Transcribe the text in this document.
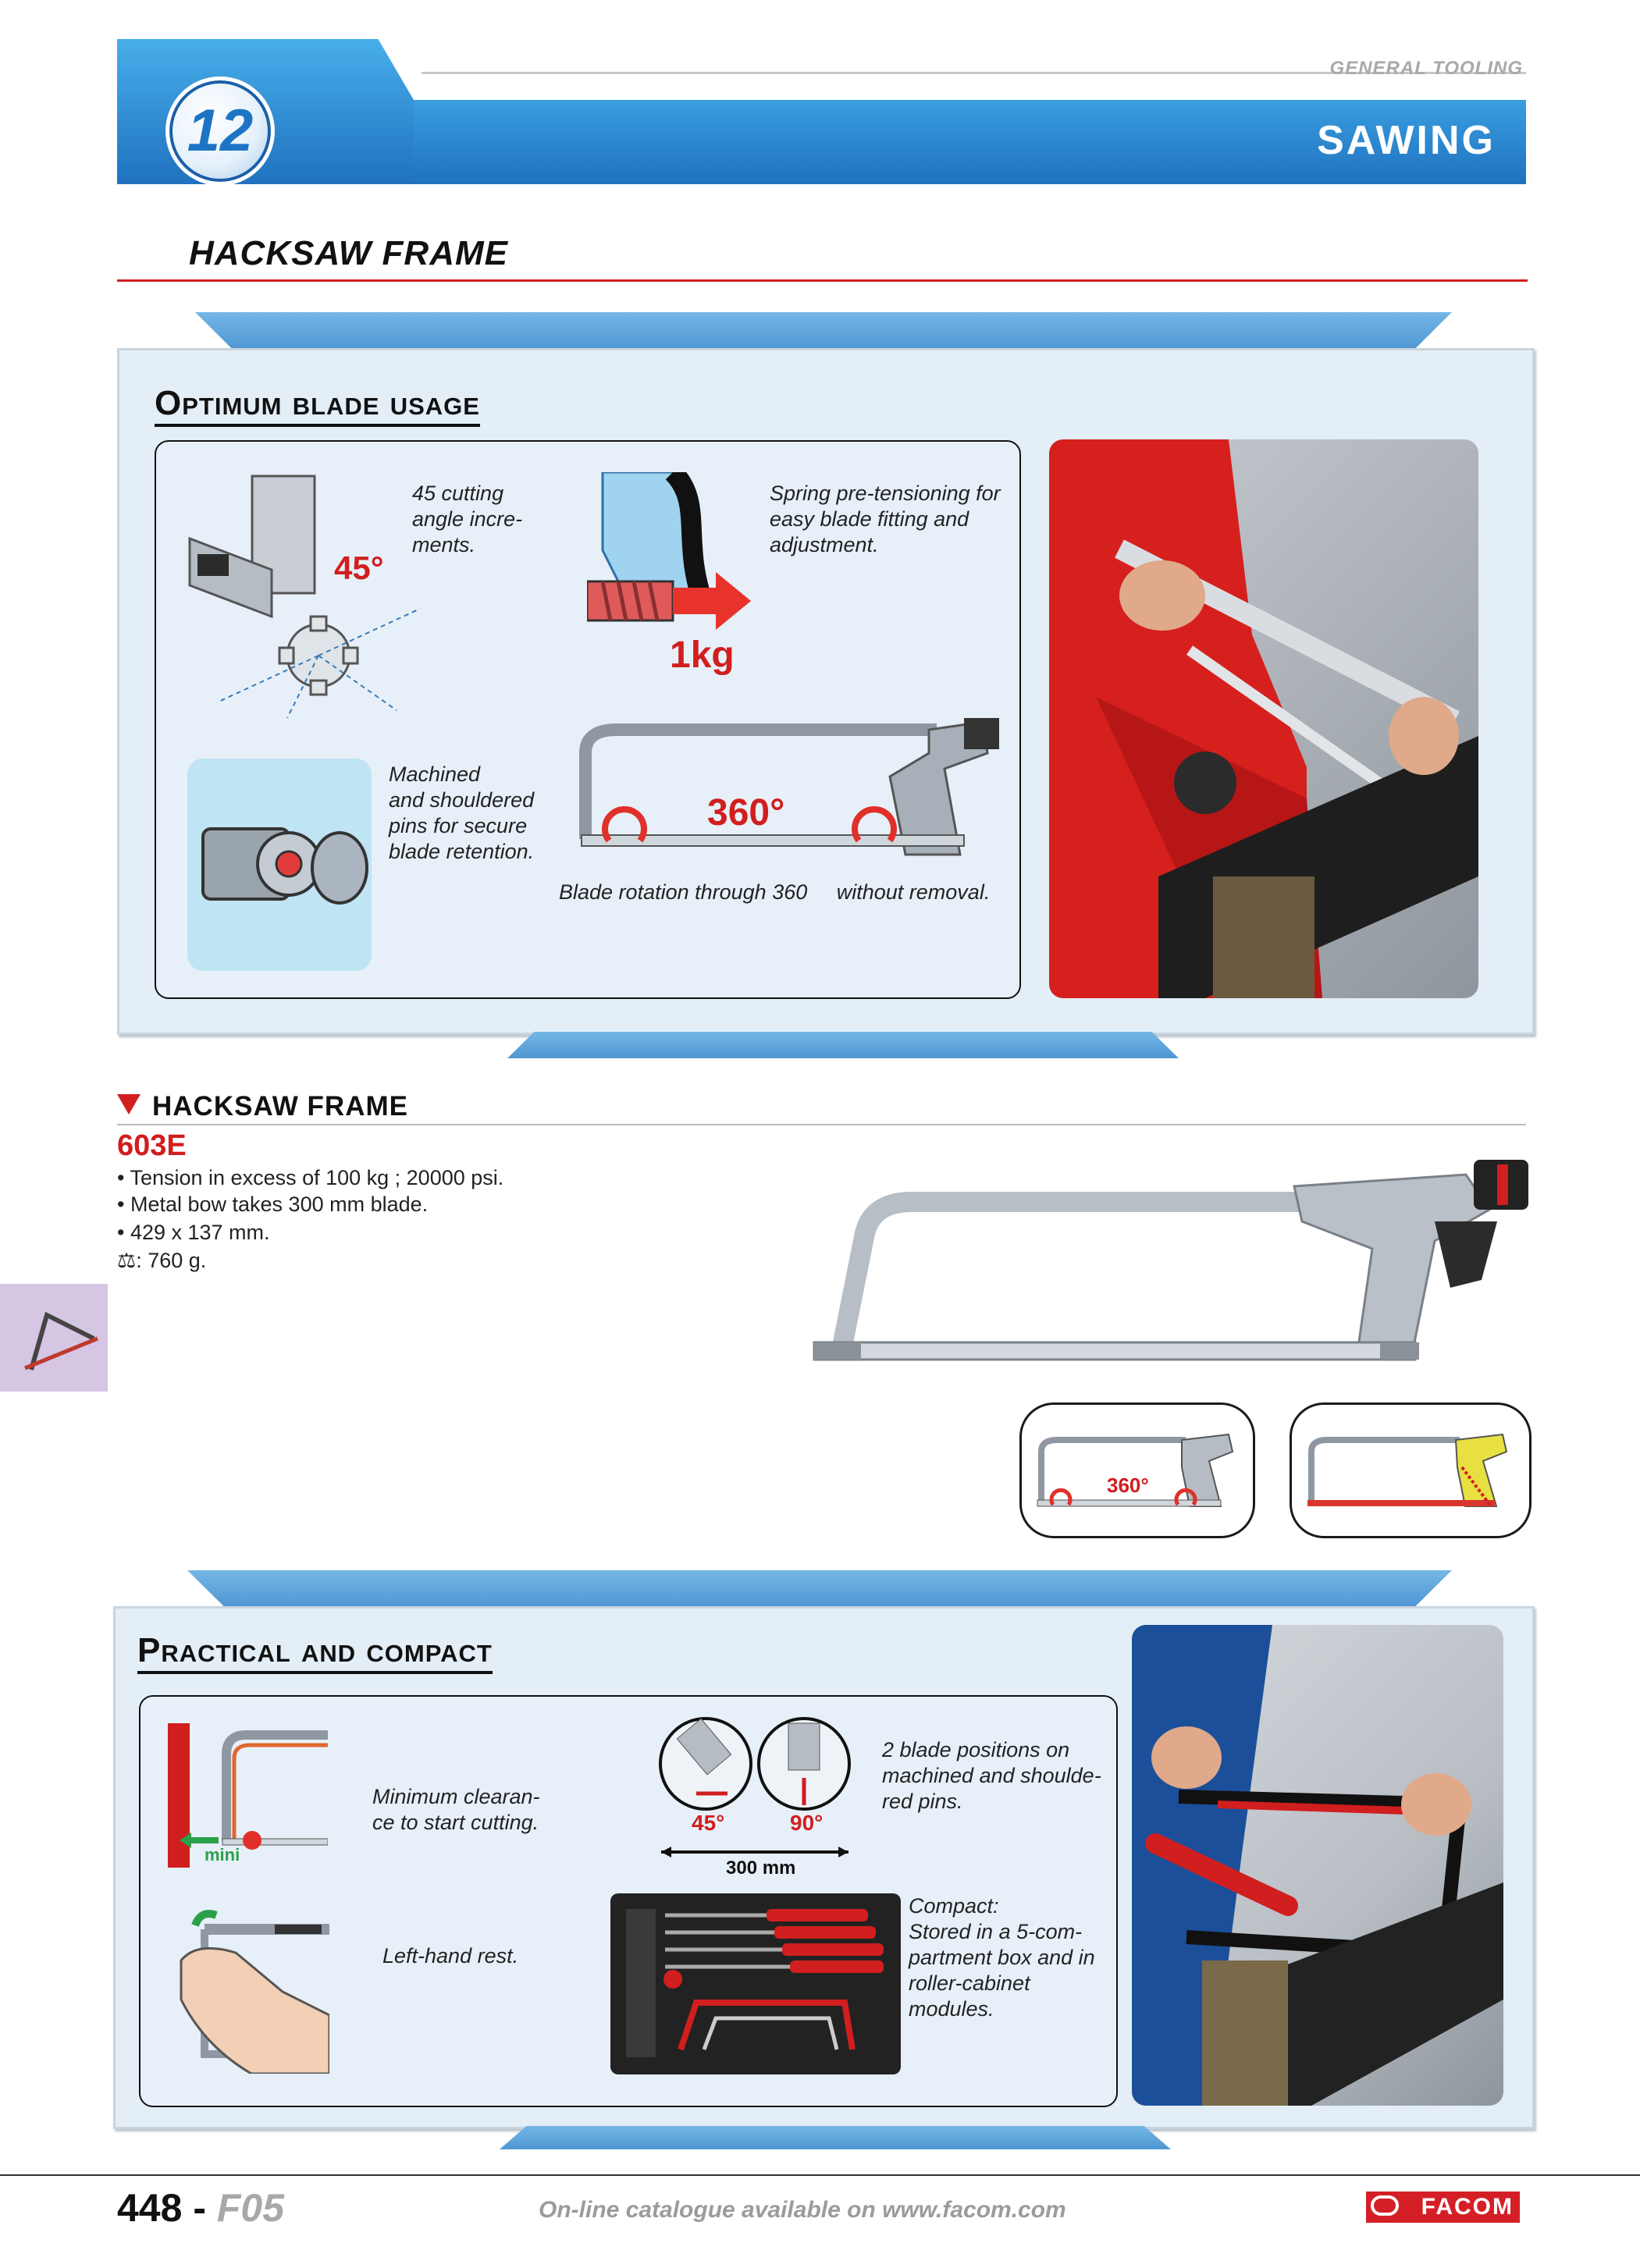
GENERAL TOOLING
12	SAWING
HACKSAW FRAME
Optimum blade usage
45°
45 cutting
angle incre-
ments.
1kg
Spring pre-tensioning for
easy blade fitting and
adjustment.
Machined
and shouldered
pins for secure
blade retention.
360°
Blade rotation through 360     without removal.
HACKSAW FRAME
603E
• Tension in excess of 100 kg ; 20000 psi.
• Metal bow takes 300 mm blade.
• 429 x 137 mm.
⚖: 760 g.
360°
Practical and compact
mini
Minimum clearan-
ce to start cutting.	45°	90°
300 mm
2 blade positions on
machined and shoulde-
red pins.
Left-hand rest.
Compact:
Stored in a 5-com-
partment box and in
roller-cabinet
modules.
448 - F05	On-line catalogue available on www.facom.com	FACOM
